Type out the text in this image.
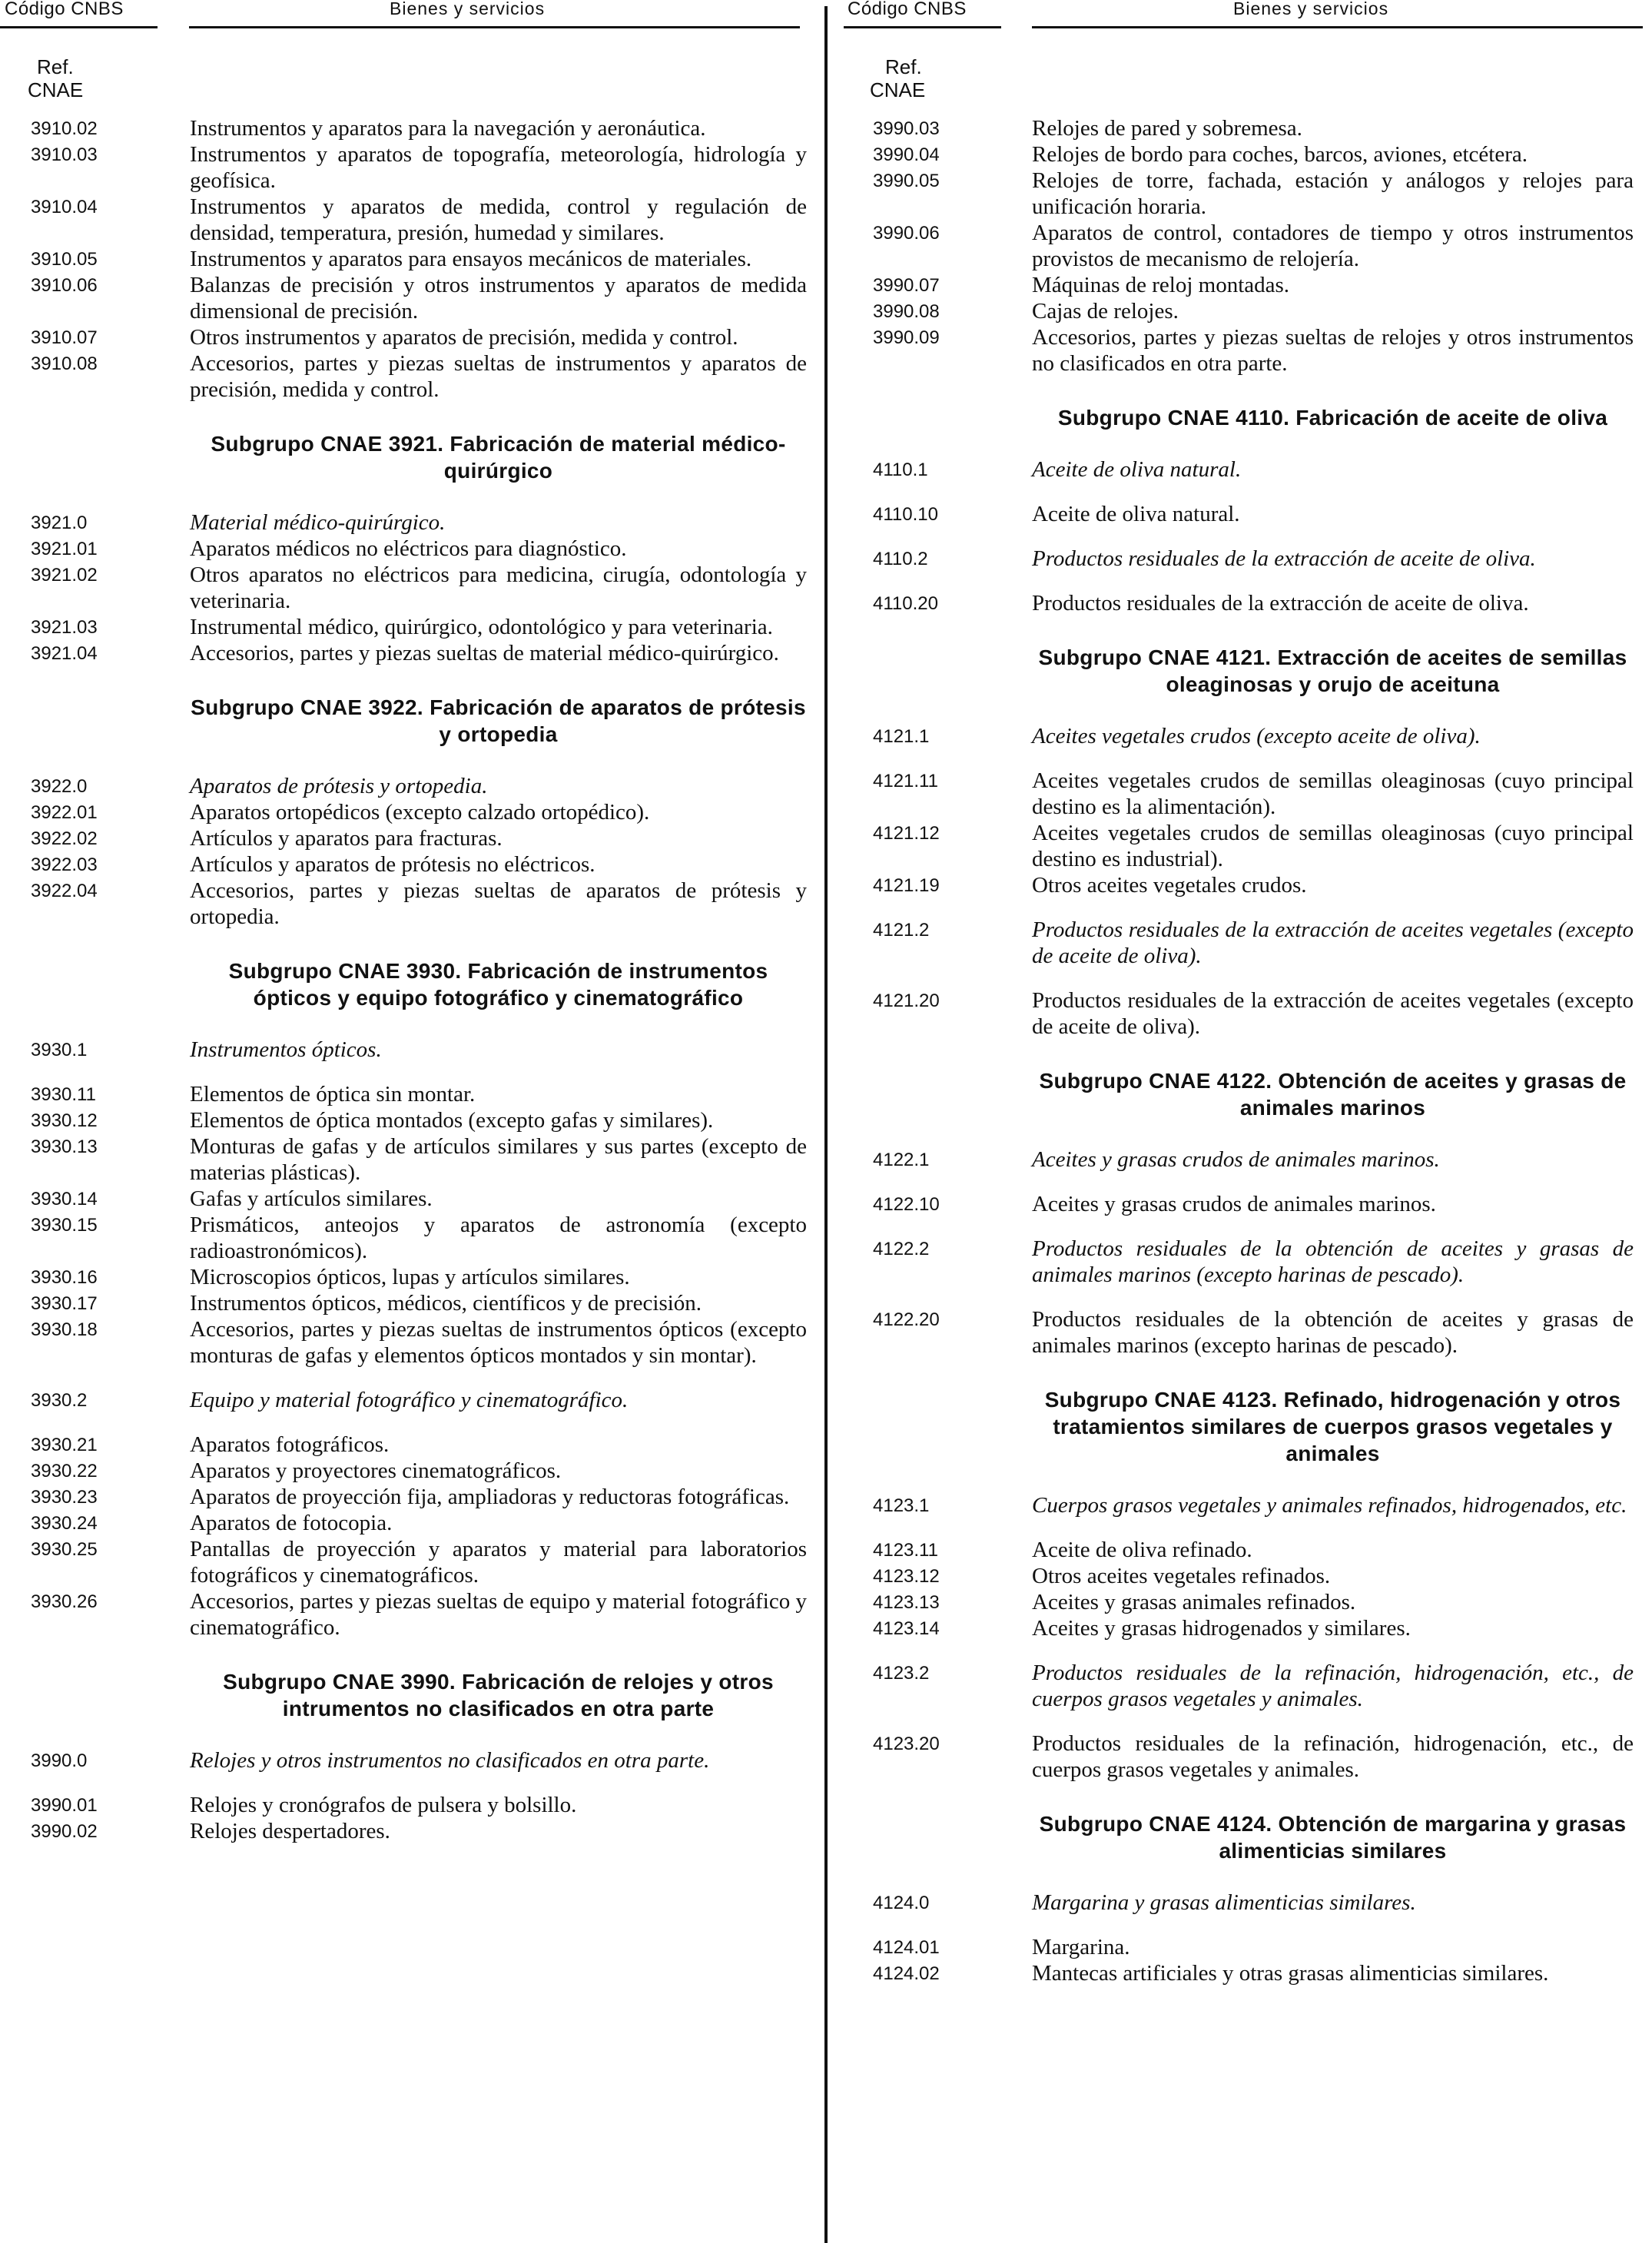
Código CNBS	Bienes y servicios	Código CNBS	Bienes y servicios
Ref.
CNAE
Ref.
CNAE
3910.02	Instrumentos y aparatos para la navegación y aeronáutica.
3910.03	Instrumentos y aparatos de topografía, meteorología, hidrología y geofísica.
3910.04	Instrumentos y aparatos de medida, control y regulación de densidad, temperatura, presión, humedad y similares.
3910.05	Instrumentos y aparatos para ensayos mecánicos de materiales.
3910.06	Balanzas de precisión y otros instrumentos y aparatos de medida dimensional de precisión.
3910.07	Otros instrumentos y aparatos de precisión, medida y control.
3910.08	Accesorios, partes y piezas sueltas de instrumentos y aparatos de precisión, medida y control.
Subgrupo CNAE 3921. Fabricación de material médico-quirúrgico
3921.0	Material médico-quirúrgico.
3921.01	Aparatos médicos no eléctricos para diagnóstico.
3921.02	Otros aparatos no eléctricos para medicina, cirugía, odontología y veterinaria.
3921.03	Instrumental médico, quirúrgico, odontológico y para veterinaria.
3921.04	Accesorios, partes y piezas sueltas de material médico-quirúrgico.
Subgrupo CNAE 3922. Fabricación de aparatos de prótesis y ortopedia
3922.0	Aparatos de prótesis y ortopedia.
3922.01	Aparatos ortopédicos (excepto calzado ortopédico).
3922.02	Artículos y aparatos para fracturas.
3922.03	Artículos y aparatos de prótesis no eléctricos.
3922.04	Accesorios, partes y piezas sueltas de aparatos de prótesis y ortopedia.
Subgrupo CNAE 3930. Fabricación de instrumentos ópticos y equipo fotográfico y cinematográfico
3930.1	Instrumentos ópticos.
3930.11	Elementos de óptica sin montar.
3930.12	Elementos de óptica montados (excepto gafas y similares).
3930.13	Monturas de gafas y de artículos similares y sus partes (excepto de materias plásticas).
3930.14	Gafas y artículos similares.
3930.15	Prismáticos, anteojos y aparatos de astronomía (excepto radioastronómicos).
3930.16	Microscopios ópticos, lupas y artículos similares.
3930.17	Instrumentos ópticos, médicos, científicos y de precisión.
3930.18	Accesorios, partes y piezas sueltas de instrumentos ópticos (excepto monturas de gafas y elementos ópticos montados y sin montar).
3930.2	Equipo y material fotográfico y cinematográfico.
3930.21	Aparatos fotográficos.
3930.22	Aparatos y proyectores cinematográficos.
3930.23	Aparatos de proyección fija, ampliadoras y reductoras fotográficas.
3930.24	Aparatos de fotocopia.
3930.25	Pantallas de proyección y aparatos y material para laboratorios fotográficos y cinematográficos.
3930.26	Accesorios, partes y piezas sueltas de equipo y material fotográfico y cinematográfico.
Subgrupo CNAE 3990. Fabricación de relojes y otros intrumentos no clasificados en otra parte
3990.0	Relojes y otros instrumentos no clasificados en otra parte.
3990.01	Relojes y cronógrafos de pulsera y bolsillo.
3990.02	Relojes despertadores.
3990.03	Relojes de pared y sobremesa.
3990.04	Relojes de bordo para coches, barcos, aviones, etcétera.
3990.05	Relojes de torre, fachada, estación y análogos y relojes para unificación horaria.
3990.06	Aparatos de control, contadores de tiempo y otros instrumentos provistos de mecanismo de relojería.
3990.07	Máquinas de reloj montadas.
3990.08	Cajas de relojes.
3990.09	Accesorios, partes y piezas sueltas de relojes y otros instrumentos no clasificados en otra parte.
Subgrupo CNAE 4110. Fabricación de aceite de oliva
4110.1	Aceite de oliva natural.
4110.10	Aceite de oliva natural.
4110.2	Productos residuales de la extracción de aceite de oliva.
4110.20	Productos residuales de la extracción de aceite de oliva.
Subgrupo CNAE 4121. Extracción de aceites de semillas oleaginosas y orujo de aceituna
4121.1	Aceites vegetales crudos (excepto aceite de oliva).
4121.11	Aceites vegetales crudos de semillas oleaginosas (cuyo principal destino es la alimentación).
4121.12	Aceites vegetales crudos de semillas oleaginosas (cuyo principal destino es industrial).
4121.19	Otros aceites vegetales crudos.
4121.2	Productos residuales de la extracción de aceites vegetales (excepto de aceite de oliva).
4121.20	Productos residuales de la extracción de aceites vegetales (excepto de aceite de oliva).
Subgrupo CNAE 4122. Obtención de aceites y grasas de animales marinos
4122.1	Aceites y grasas crudos de animales marinos.
4122.10	Aceites y grasas crudos de animales marinos.
4122.2	Productos residuales de la obtención de aceites y grasas de animales marinos (excepto harinas de pescado).
4122.20	Productos residuales de la obtención de aceites y grasas de animales marinos (excepto harinas de pescado).
Subgrupo CNAE 4123. Refinado, hidrogenación y otros tratamientos similares de cuerpos grasos vegetales y animales
4123.1	Cuerpos grasos vegetales y animales refinados, hidrogenados, etc.
4123.11	Aceite de oliva refinado.
4123.12	Otros aceites vegetales refinados.
4123.13	Aceites y grasas animales refinados.
4123.14	Aceites y grasas hidrogenados y similares.
4123.2	Productos residuales de la refinación, hidrogenación, etc., de cuerpos grasos vegetales y animales.
4123.20	Productos residuales de la refinación, hidrogenación, etc., de cuerpos grasos vegetales y animales.
Subgrupo CNAE 4124. Obtención de margarina y grasas alimenticias similares
4124.0	Margarina y grasas alimenticias similares.
4124.01	Margarina.
4124.02	Mantecas artificiales y otras grasas alimenticias similares.
